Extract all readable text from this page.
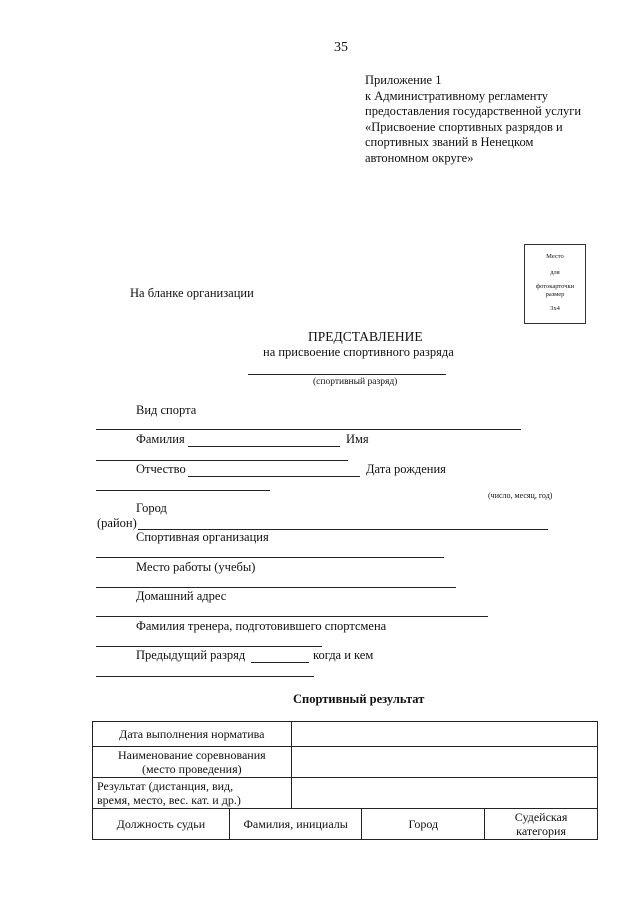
35
Приложение 1
к Административному регламенту
предоставления государственной услуги
«Присвоение спортивных разрядов и
спортивных званий в Ненецком
автономном округе»
Место
для
фотокарточки
размер
3х4
На бланке организации
ПРЕДСТАВЛЕНИЕ
на присвоение спортивного разряда
(спортивный разряд)
Вид спорта
Фамилия	Имя
Отчество	Дата рождения
(число, месяц, год)
Город
(район)
Спортивная организация
Место работы (учебы)
Домашний адрес
Фамилия тренера, подготовившего спортсмена
Предыдущий разряд	когда и кем
Спортивный результат
Дата выполнения норматива				

Наименование соревнования
(место проведения)				

Результат (дистанция, вид,
время, место, вес. кат. и др.)				

Должность судьи	Фамилия, инициалы		Город	Судейская
категория
